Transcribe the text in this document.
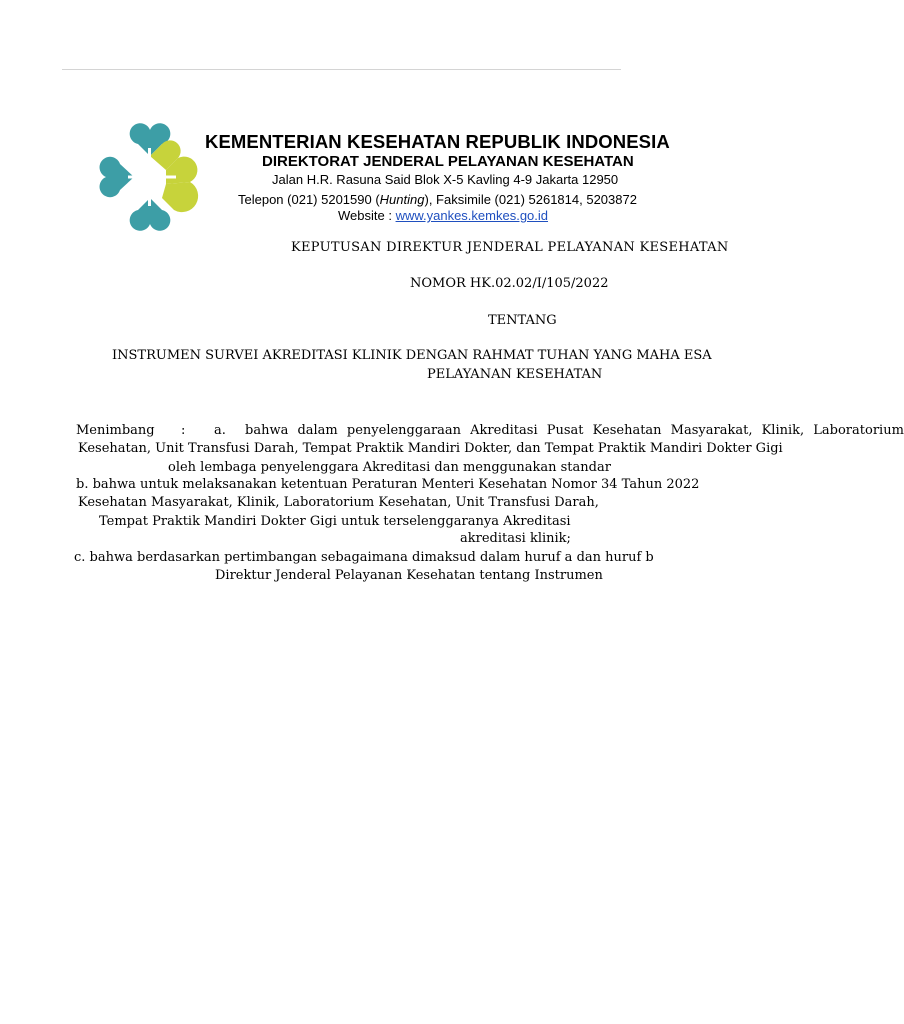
KEMENTERIAN KESEHATAN REPUBLIK INDONESIA
DIREKTORAT JENDERAL PELAYANAN KESEHATAN
Jalan H.R. Rasuna Said Blok X-5 Kavling 4-9 Jakarta 12950
Telepon (021) 5201590 (Hunting), Faksimile (021) 5261814, 5203872
Website : www.yankes.kemkes.go.id
KEPUTUSAN DIREKTUR JENDERAL PELAYANAN KESEHATAN
NOMOR HK.02.02/I/105/2022
TENTANG
INSTRUMEN SURVEI AKREDITASI KLINIK DENGAN RAHMAT TUHAN YANG MAHA ESA
PELAYANAN KESEHATAN
Menimbang : a. bahwa dalam penyelenggaraan Akreditasi Pusat Kesehatan Masyarakat, Klinik, Laboratorium
Kesehatan, Unit Transfusi Darah, Tempat Praktik Mandiri Dokter, dan Tempat Praktik Mandiri Dokter Gigi
oleh lembaga penyelenggara Akreditasi dan menggunakan standar
b. bahwa untuk melaksanakan ketentuan Peraturan Menteri Kesehatan Nomor 34 Tahun 2022
Kesehatan Masyarakat, Klinik, Laboratorium Kesehatan, Unit Transfusi Darah,
Tempat Praktik Mandiri Dokter Gigi untuk terselenggaranya Akreditasi
akreditasi klinik;
c. bahwa berdasarkan pertimbangan sebagaimana dimaksud dalam huruf a dan huruf b
Direktur Jenderal Pelayanan Kesehatan tentang Instrumen
